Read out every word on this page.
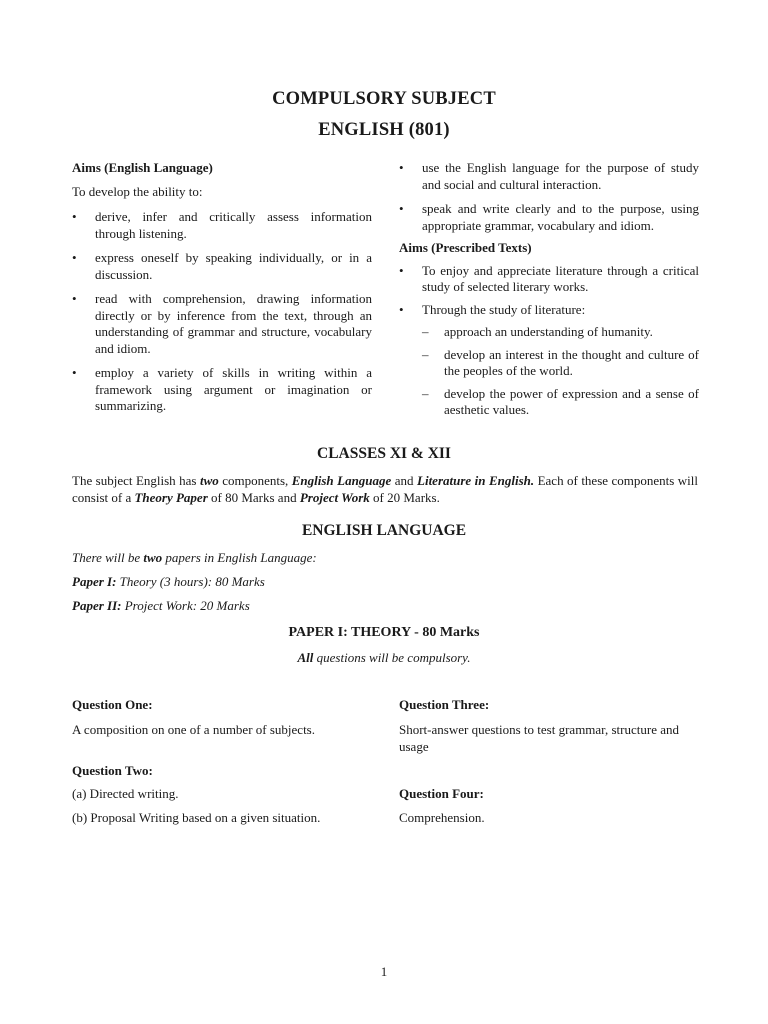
COMPULSORY SUBJECT
ENGLISH (801)

Aims (English Language)

To develop the ability to:

• derive, infer and critically assess information through listening.
• express oneself by speaking individually, or in a discussion.
• read with comprehension, drawing information directly or by inference from the text, through an understanding of grammar and structure, vocabulary and idiom.
• employ a variety of skills in writing within a framework using argument or imagination or summarizing.
• use the English language for the purpose of study and social and cultural interaction.
• speak and write clearly and to the purpose, using appropriate grammar, vocabulary and idiom.

Aims (Prescribed Texts)

• To enjoy and appreciate literature through a critical study of selected literary works.
• Through the study of literature:
– approach an understanding of humanity.
– develop an interest in the thought and culture of the peoples of the world.
– develop the power of expression and a sense of aesthetic values.
CLASSES XI & XII

The subject English has two components, English Language and Literature in English. Each of these components will consist of a Theory Paper of 80 Marks and Project Work of 20 Marks.

ENGLISH LANGUAGE

There will be two papers in English Language:

Paper I: Theory (3 hours): 80 Marks

Paper II: Project Work: 20 Marks

PAPER I: THEORY - 80 Marks
All questions will be compulsory.
Question One:
A composition on one of a number of subjects.
Question Two:
(a) Directed writing.
(b) Proposal Writing based on a given situation.
Question Three:
Short-answer questions to test grammar, structure and usage
Question Four:
Comprehension.
1
